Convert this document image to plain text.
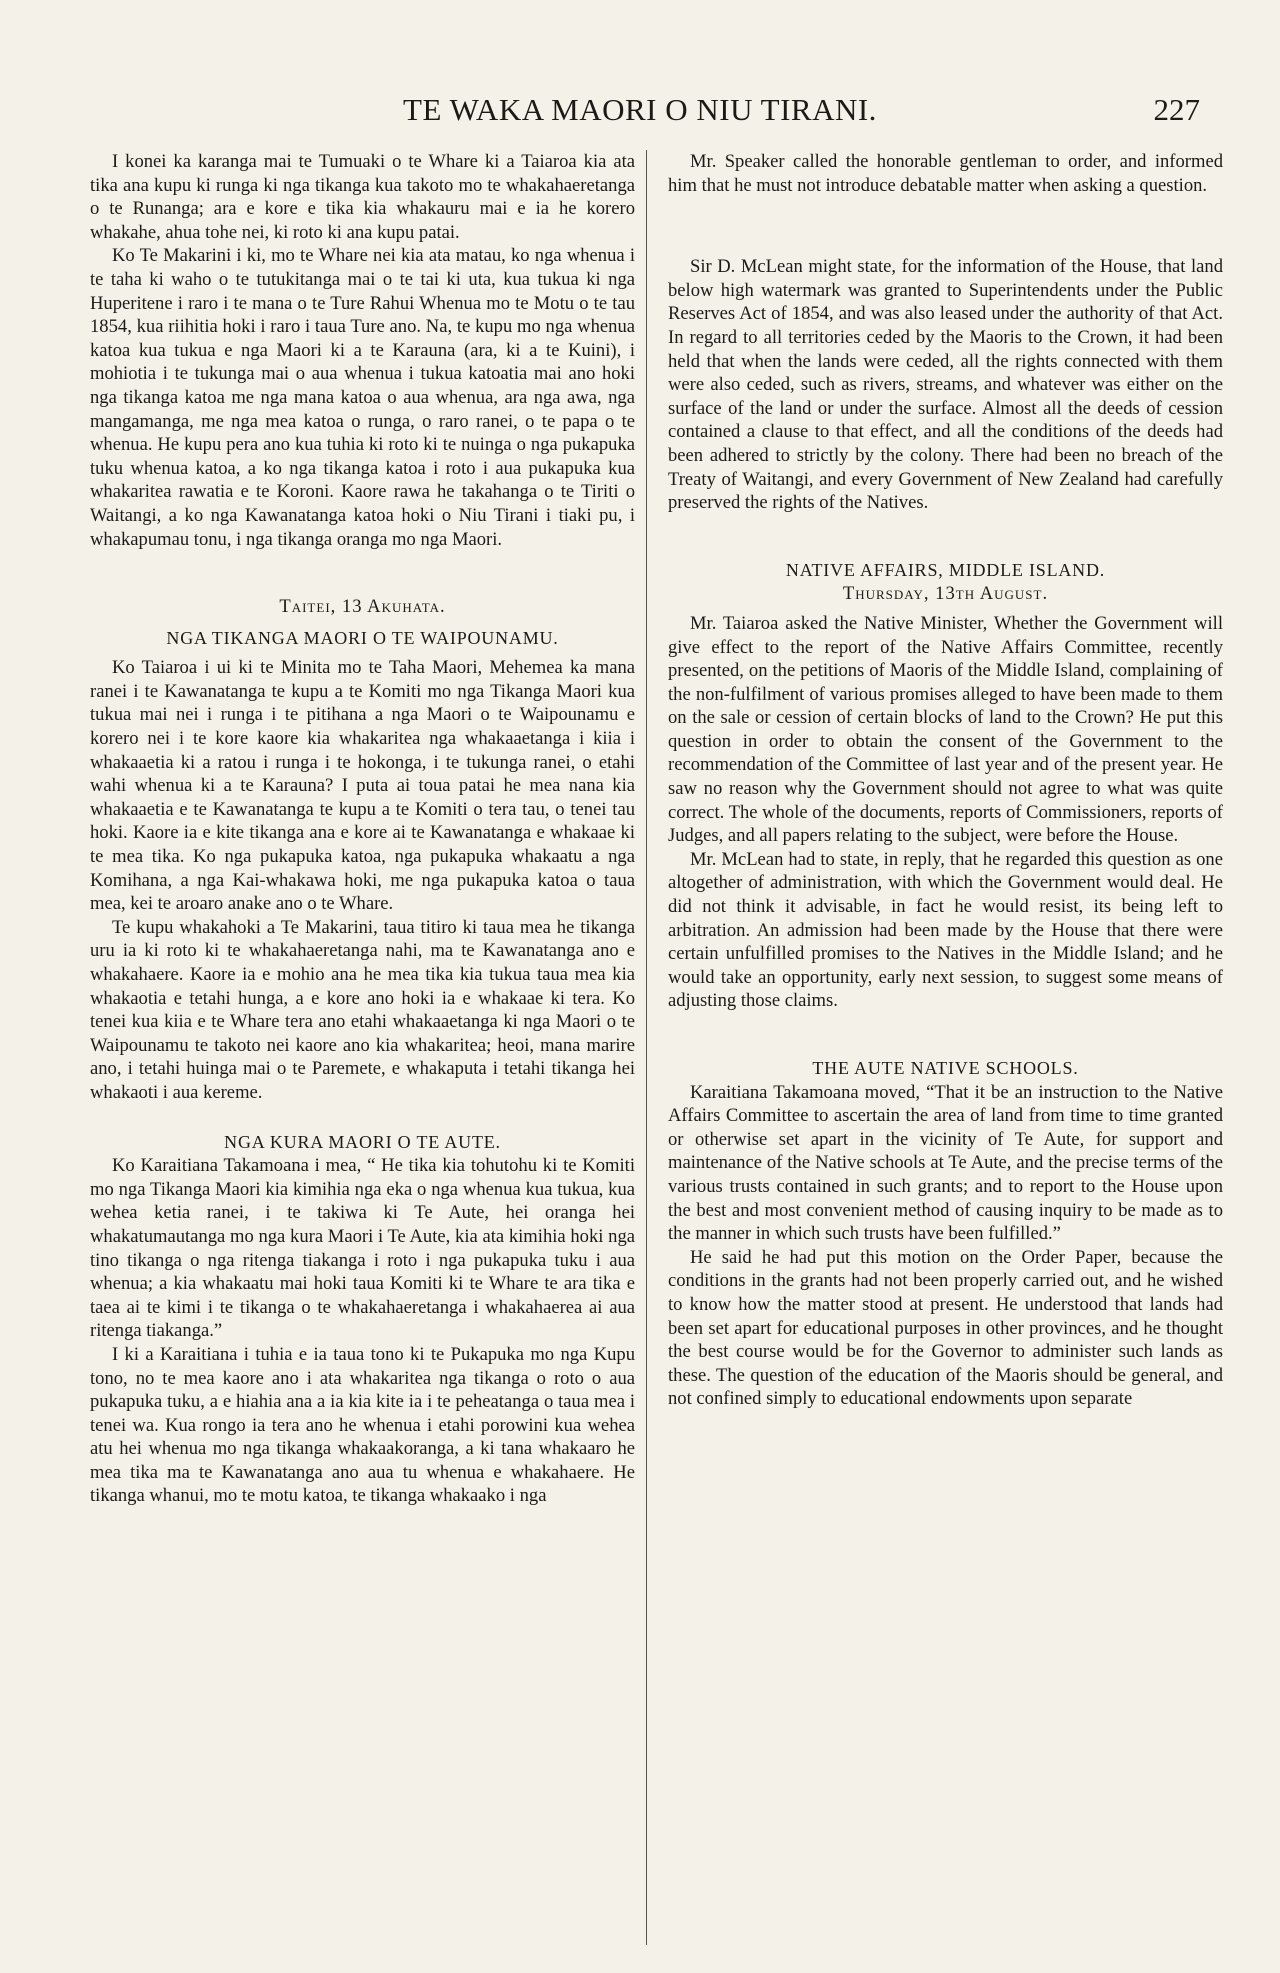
TE WAKA MAORI O NIU TIRANI.	227

I konei ka karanga mai te Tumuaki o te Whare ki a Taiaroa kia ata tika ana kupu ki runga ki nga tikanga kua takoto mo te whakahaeretanga o te Runanga; ara e kore e tika kia whakauru mai e ia he korero whakahe, ahua tohe nei, ki roto ki ana kupu patai.

Ko Te Makarini i ki, mo te Whare nei kia ata matau, ko nga whenua i te taha ki waho o te tutukitanga mai o te tai ki uta, kua tukua ki nga Huperitene i raro i te mana o te Ture Rahui Whenua mo te Motu o te tau 1854, kua riihitia hoki i raro i taua Ture ano. Na, te kupu mo nga whenua katoa kua tukua e nga Maori ki a te Karauna (ara, ki a te Kuini), i mohiotia i te tukunga mai o aua whenua i tukua katoatia mai ano hoki nga tikanga katoa me nga mana katoa o aua whenua, ara nga awa, nga mangamanga, me nga mea katoa o runga, o raro ranei, o te papa o te whenua. He kupu pera ano kua tuhia ki roto ki te nuinga o nga pukapuka tuku whenua katoa, a ko nga tikanga katoa i roto i aua pukapuka kua whakaritea rawatia e te Koroni. Kaore rawa he takahanga o te Tiriti o Waitangi, a ko nga Kawanatanga katoa hoki o Niu Tirani i tiaki pu, i whakapumau tonu, i nga tikanga oranga mo nga Maori.

Taitei, 13 Akuhata.

NGA TIKANGA MAORI O TE WAIPOUNAMU.

Ko Taiaroa i ui ki te Minita mo te Taha Maori, Mehemea ka mana ranei i te Kawanatanga te kupu a te Komiti mo nga Tikanga Maori kua tukua mai nei i runga i te pitihana a nga Maori o te Waipounamu e korero nei i te kore kaore kia whakaritea nga whakaaetanga i kiia i whakaaetia ki a ratou i runga i te hokonga, i te tukunga ranei, o etahi wahi whenua ki a te Karauna? I puta ai toua patai he mea nana kia whakaaetia e te Kawanatanga te kupu a te Komiti o tera tau, o tenei tau hoki. Kaore ia e kite tikanga ana e kore ai te Kawanatanga e whakaae ki te mea tika. Ko nga pukapuka katoa, nga pukapuka whakaatu a nga Komihana, a nga Kai-whakawa hoki, me nga pukapuka katoa o taua mea, kei te aroaro anake ano o te Whare.

Te kupu whakahoki a Te Makarini, taua titiro ki taua mea he tikanga uru ia ki roto ki te whakahaeretanga nahi, ma te Kawanatanga ano e whakahaere. Kaore ia e mohio ana he mea tika kia tukua taua mea kia whakaotia e tetahi hunga, a e kore ano hoki ia e whakaae ki tera. Ko tenei kua kiia e te Whare tera ano etahi whakaaetanga ki nga Maori o te Waipounamu te takoto nei kaore ano kia whakaritea; heoi, mana marire ano, i tetahi huinga mai o te Paremete, e whakaputa i tetahi tikanga hei whakaoti i aua kereme.

NGA KURA MAORI O TE AUTE.

Ko Karaitiana Takamoana i mea, “ He tika kia tohutohu ki te Komiti mo nga Tikanga Maori kia kimihia nga eka o nga whenua kua tukua, kua wehea ketia ranei, i te takiwa ki Te Aute, hei oranga hei whakatumautanga mo nga kura Maori i Te Aute, kia ata kimihia hoki nga tino tikanga o nga ritenga tiakanga i roto i nga pukapuka tuku i aua whenua; a kia whakaatu mai hoki taua Komiti ki te Whare te ara tika e taea ai te kimi i te tikanga o te whakahaeretanga i whakahaerea ai aua ritenga tiakanga.”

I ki a Karaitiana i tuhia e ia taua tono ki te Pukapuka mo nga Kupu tono, no te mea kaore ano i ata whakaritea nga tikanga o roto o aua pukapuka tuku, a e hiahia ana a ia kia kite ia i te peheatanga o taua mea i tenei wa. Kua rongo ia tera ano he whenua i etahi porowini kua wehea atu hei whenua mo nga tikanga whakaakoranga, a ki tana whakaaro he mea tika ma te Kawanatanga ano aua tu whenua e whakahaere. He tikanga whanui, mo te motu katoa, te tikanga whakaako i nga

Mr. Speaker called the honorable gentleman to order, and informed him that he must not introduce debatable matter when asking a question.

Sir D. McLean might state, for the information of the House, that land below high watermark was granted to Superintendents under the Public Reserves Act of 1854, and was also leased under the authority of that Act. In regard to all territories ceded by the Maoris to the Crown, it had been held that when the lands were ceded, all the rights connected with them were also ceded, such as rivers, streams, and whatever was either on the surface of the land or under the surface. Almost all the deeds of cession contained a clause to that effect, and all the conditions of the deeds had been adhered to strictly by the colony. There had been no breach of the Treaty of Waitangi, and every Government of New Zealand had carefully preserved the rights of the Natives.

NATIVE AFFAIRS, MIDDLE ISLAND.

Thursday, 13th August.

Mr. Taiaroa asked the Native Minister, Whether the Government will give effect to the report of the Native Affairs Committee, recently presented, on the petitions of Maoris of the Middle Island, complaining of the non-fulfilment of various promises alleged to have been made to them on the sale or cession of certain blocks of land to the Crown? He put this question in order to obtain the consent of the Government to the recommendation of the Committee of last year and of the present year. He saw no reason why the Government should not agree to what was quite correct. The whole of the documents, reports of Commissioners, reports of Judges, and all papers relating to the subject, were before the House.

Mr. McLean had to state, in reply, that he regarded this question as one altogether of administration, with which the Government would deal. He did not think it advisable, in fact he would resist, its being left to arbitration. An admission had been made by the House that there were certain unfulfilled promises to the Natives in the Middle Island; and he would take an opportunity, early next session, to suggest some means of adjusting those claims.

THE AUTE NATIVE SCHOOLS.

Karaitiana Takamoana moved, “That it be an instruction to the Native Affairs Committee to ascertain the area of land from time to time granted or otherwise set apart in the vicinity of Te Aute, for support and maintenance of the Native schools at Te Aute, and the precise terms of the various trusts contained in such grants; and to report to the House upon the best and most convenient method of causing inquiry to be made as to the manner in which such trusts have been fulfilled.”

He said he had put this motion on the Order Paper, because the conditions in the grants had not been properly carried out, and he wished to know how the matter stood at present. He understood that lands had been set apart for educational purposes in other provinces, and he thought the best course would be for the Governor to administer such lands as these. The question of the education of the Maoris should be general, and not confined simply to educational endowments upon separate
